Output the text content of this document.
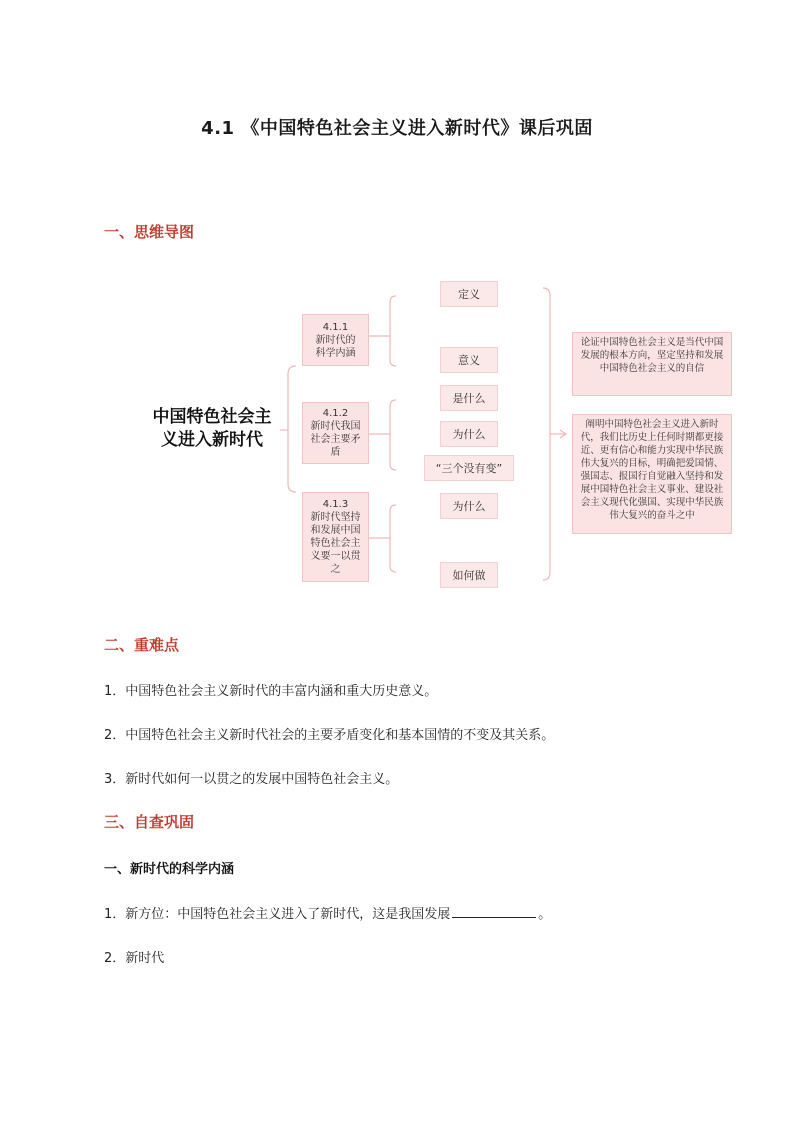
4.1 《中国特色社会主义进入新时代》课后巩固
一、思维导图
中国特色社会主义进入新时代
4.1.1
新时代的
科学内涵
4.1.2
新时代我国
社会主要矛
盾
4.1.3
新时代坚持
和发展中国
特色社会主
义要一以贯
之
定义
意义
是什么
为什么
“三个没有变”
为什么
如何做
论证中国特色社会主义是当代中国发展的根本方向，坚定坚持和发展中国特色社会主义的自信
阐明中国特色社会主义进入新时代，我们比历史上任何时期都更接近、更有信心和能力实现中华民族伟大复兴的目标，明确把爱国情、强国志、报国行自觉融入坚持和发展中国特色社会主义事业、建设社会主义现代化强国、实现中华民族伟大复兴的奋斗之中
二、重难点
1．中国特色社会主义新时代的丰富内涵和重大历史意义。
2．中国特色社会主义新时代社会的主要矛盾变化和基本国情的不变及其关系。
3．新时代如何一以贯之的发展中国特色社会主义。
三、自查巩固
一、新时代的科学内涵
1．新方位：中国特色社会主义进入了新时代，这是我国发展	。
2．新时代
